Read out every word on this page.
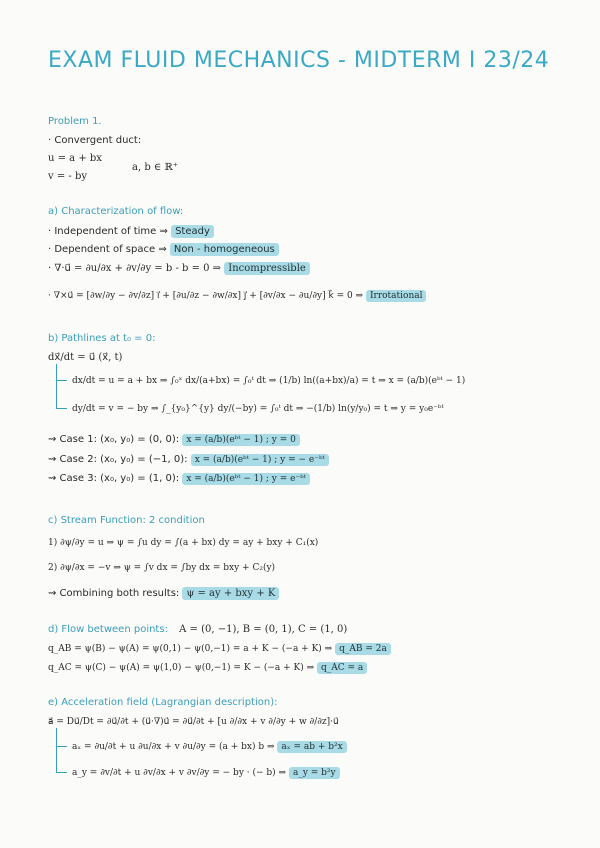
EXAM FLUID MECHANICS - MIDTERM I 23/24
Problem 1.
· Convergent duct:
u = a + bx
v = - by
a, b ∈ ℝ⁺
a) Characterization of flow:
· Independent of time ⇒ Steady
· Dependent of space ⇒ Non - homogeneous
· ∇·u⃗ = ∂u/∂x + ∂v/∂y = b - b = 0 ⇒ Incompressible
· ∇×u⃗ = [∂w/∂y − ∂v/∂z] i⃗ + [∂u/∂z − ∂w/∂x] j⃗ + [∂v/∂x − ∂u/∂y] k⃗ = 0 ⇒ Irrotational
b) Pathlines at t₀ = 0:
dx⃗/dt = u⃗ (x⃗, t)
dx/dt = u = a + bx ⇒ ∫₀ˣ dx/(a+bx) = ∫₀ᵗ dt ⇒ (1/b) ln((a+bx)/a) = t ⇒ x = (a/b)(eᵇᵗ − 1)
dy/dt = v = − by ⇒ ∫_{y₀}^{y} dy/(−by) = ∫₀ᵗ dt ⇒ −(1/b) ln(y/y₀) = t ⇒ y = y₀e⁻ᵇᵗ
⇝ Case 1: (x₀, y₀) = (0, 0): x = (a/b)(eᵇᵗ − 1) ; y = 0
⇝ Case 2: (x₀, y₀) = (−1, 0): x = (a/b)(eᵇᵗ − 1) ; y = − e⁻ᵇᵗ
⇝ Case 3: (x₀, y₀) = (1, 0): x = (a/b)(eᵇᵗ − 1) ; y = e⁻ᵇᵗ
c) Stream Function: 2 condition
1) ∂ψ/∂y = u ⇒ ψ = ∫u dy = ∫(a + bx) dy = ay + bxy + C₁(x)
2) ∂ψ/∂x = −v ⇒ ψ = ∫v dx = ∫by dx = bxy + C₂(y)
⇝ Combining both results: ψ = ay + bxy + K
d) Flow between points: A = (0, −1), B = (0, 1), C = (1, 0)
q_AB = ψ(B) − ψ(A) = ψ(0,1) − ψ(0,−1) = a + K − (−a + K) ⇒ q_AB = 2a
q_AC = ψ(C) − ψ(A) = ψ(1,0) − ψ(0,−1) = K − (−a + K) ⇒ q_AC = a
e) Acceleration field (Lagrangian description):
a⃗ = Du⃗/Dt = ∂u⃗/∂t + (u⃗·∇)u⃗ = ∂u⃗/∂t + [u ∂/∂x + v ∂/∂y + w ∂/∂z]·u⃗
aₓ = ∂u/∂t + u ∂u/∂x + v ∂u/∂y = (a + bx) b ⇒ aₓ = ab + b²x
a_y = ∂v/∂t + u ∂v/∂x + v ∂v/∂y = − by · (− b) ⇒ a_y = b²y
